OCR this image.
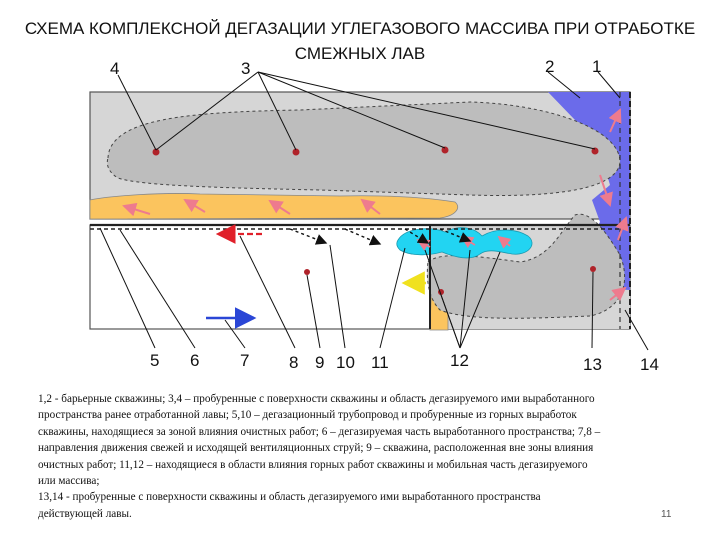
СХЕМА КОМПЛЕКСНОЙ ДЕГАЗАЦИИ УГЛЕГАЗОВОГО МАССИВА ПРИ ОТРАБОТКЕ
СМЕЖНЫХ ЛАВ
4	3	2 1
5 6 7 8 9 10 11	12	13 14
1,2 - барьерные скважины; 3,4 – пробуренные с поверхности скважины и область дегазируемого ими выработанного
пространства ранее отработанной лавы; 5,10 – дегазационный трубопровод и пробуренные из горных выработок
скважины, находящиеся за зоной влияния очистных работ; 6 – дегазируемая часть выработанного пространства; 7,8 –
направления движения свежей и исходящей вентиляционных струй; 9 – скважина, расположенная вне зоны влияния
очистных работ; 11,12 – находящиеся в области влияния горных работ скважины и мобильная часть дегазируемого
или массива;
13,14 - пробуренные с поверхности скважины и область дегазируемого ими выработанного пространства
действующей лавы.	11
